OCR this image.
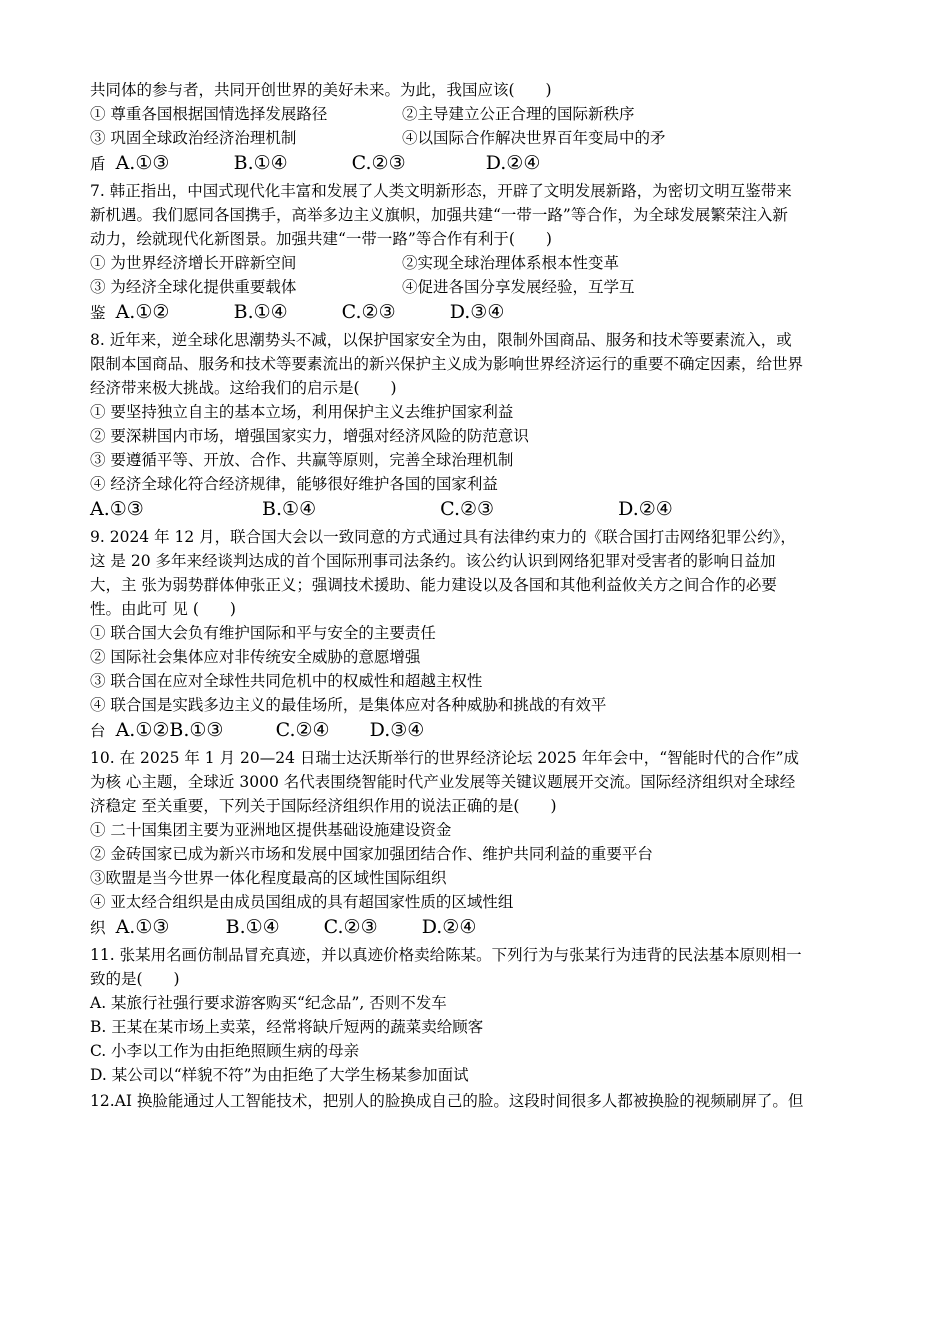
共同体的参与者，共同开创世界的美好未来。为此，我国应该(　　)
① 尊重各国根据国情选择发展路径	②主导建立公正合理的国际新秩序
③ 巩固全球政治经济治理机制	④以国际合作解决世界百年变局中的矛
盾 A.①③	B.①④	C.②③	D.②④
7. 韩正指出，中国式现代化丰富和发展了人类文明新形态，开辟了文明发展新路，为密切文明互鉴带来
新机遇。我们愿同各国携手，高举多边主义旗帜，加强共建“一带一路”等合作，为全球发展繁荣注入新
动力，绘就现代化新图景。加强共建“一带一路”等合作有利于(　　)
① 为世界经济增长开辟新空间	②实现全球治理体系根本性变革
③ 为经济全球化提供重要载体	④促进各国分享发展经验，互学互
鉴 A.①②	B.①④	C.②③	D.③④
8. 近年来，逆全球化思潮势头不减，以保护国家安全为由，限制外国商品、服务和技术等要素流入，或
限制本国商品、服务和技术等要素流出的新兴保护主义成为影响世界经济运行的重要不确定因素，给世界
经济带来极大挑战。这给我们的启示是(　　)
① 要坚持独立自主的基本立场，利用保护主义去维护国家利益
② 要深耕国内市场，增强国家实力，增强对经济风险的防范意识
③ 要遵循平等、开放、合作、共赢等原则，完善全球治理机制
④ 经济全球化符合经济规律，能够很好维护各国的国家利益
A.①③	B.①④	C.②③	D.②④
9. 2024 年 12 月，联合国大会以一致同意的方式通过具有法律约束力的《联合国打击网络犯罪公约》，
这 是 20 多年来经谈判达成的首个国际刑事司法条约。该公约认识到网络犯罪对受害者的影响日益加
大，主 张为弱势群体伸张正义；强调技术援助、能力建设以及各国和其他利益攸关方之间合作的必要
性。由此可 见 (　　)
① 联合国大会负有维护国际和平与安全的主要责任
② 国际社会集体应对非传统安全威胁的意愿增强
③ 联合国在应对全球性共同危机中的权威性和超越主权性
④ 联合国是实践多边主义的最佳场所，是集体应对各种威胁和挑战的有效平
台 A.①②B.①③	C.②④ D.③④
10. 在 2025 年 1 月 20—24 日瑞士达沃斯举行的世界经济论坛 2025 年年会中，“智能时代的合作”成
为核 心主题，全球近 3000 名代表围绕智能时代产业发展等关键议题展开交流。国际经济组织对全球经
济稳定 至关重要，下列关于国际经济组织作用的说法正确的是(　　)
① 二十国集团主要为亚洲地区提供基础设施建设资金
② 金砖国家已成为新兴市场和发展中国家加强团结合作、维护共同利益的重要平台
③欧盟是当今世界一体化程度最高的区域性国际组织
④ 亚太经合组织是由成员国组成的具有超国家性质的区域性组
织 A.①③	B.①④ C.②③ D.②④
11. 张某用名画仿制品冒充真迹，并以真迹价格卖给陈某。下列行为与张某行为违背的民法基本原则相一
致的是(　　)
A. 某旅行社强行要求游客购买“纪念品”, 否则不发车
B. 王某在某市场上卖菜，经常将缺斤短两的蔬菜卖给顾客
C. 小李以工作为由拒绝照顾生病的母亲
D. 某公司以“样貌不符”为由拒绝了大学生杨某参加面试
12.AI 换脸能通过人工智能技术，把别人的脸换成自己的脸。这段时间很多人都被换脸的视频刷屏了。但
